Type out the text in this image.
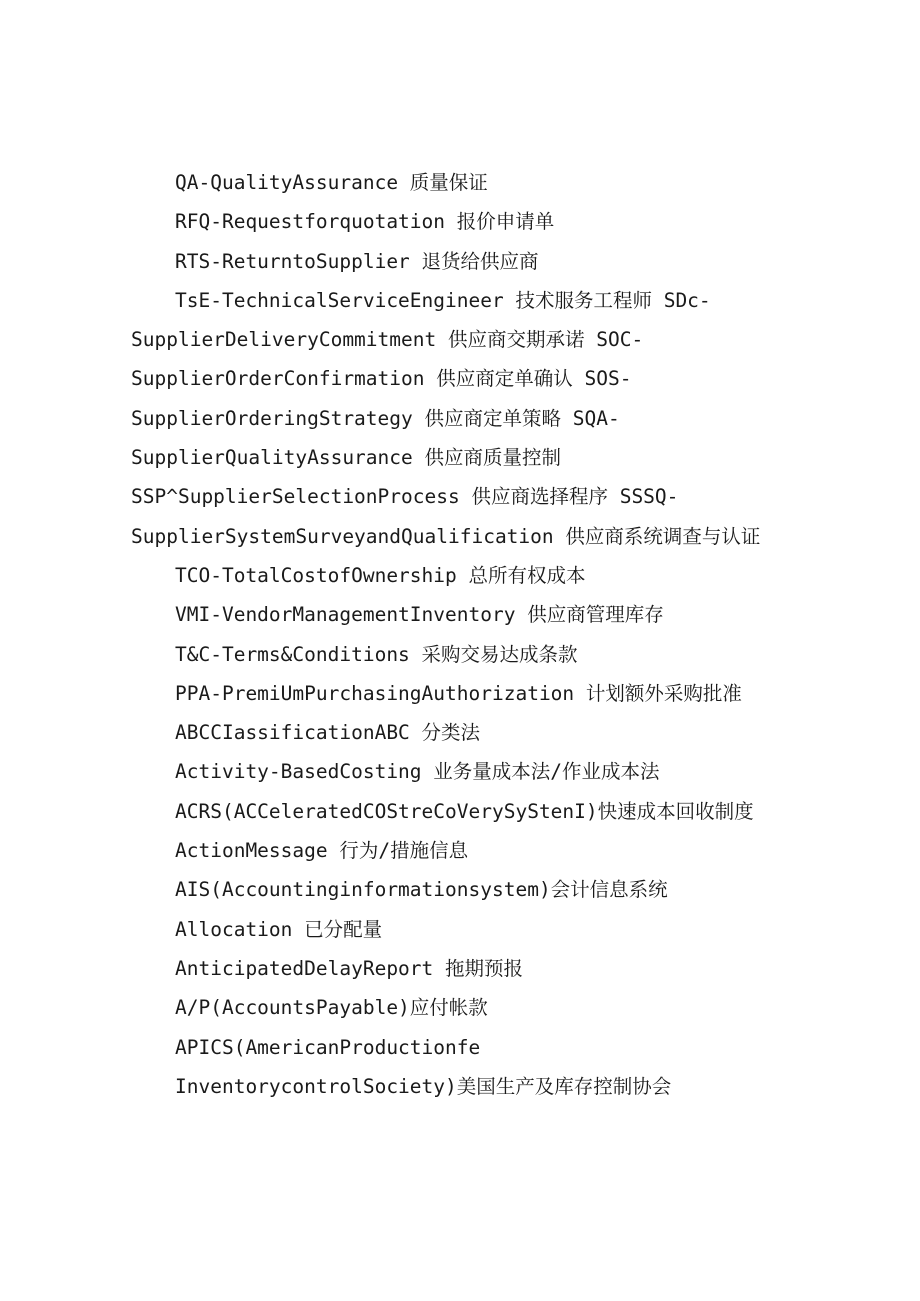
QA-QualityAssurance 质量保证
RFQ-Requestforquotation 报价申请单
RTS-ReturntoSupplier 退货给供应商
TsE-TechnicalServiceEngineer 技术服务工程师 SDc-
SupplierDeliveryCommitment 供应商交期承诺 SOC-
SupplierOrderConfirmation 供应商定单确认 SOS-
SupplierOrderingStrategy 供应商定单策略 SQA-
SupplierQualityAssurance 供应商质量控制
SSP^SupplierSelectionProcess 供应商选择程序 SSSQ-
SupplierSystemSurveyandQualification 供应商系统调查与认证
TCO-TotalCostofOwnership 总所有权成本
VMI-VendorManagementInventory 供应商管理库存
T&C-Terms&Conditions 采购交易达成条款
PPA-PremiUmPurchasingAuthorization 计划额外采购批准
ABCCIassificationABC 分类法
Activity-BasedCosting 业务量成本法/作业成本法
ACRS(ACCeleratedCOStreCoVerySyStenI)快速成本回收制度
ActionMessage 行为/措施信息
AIS(Accountinginformationsystem)会计信息系统
Allocation 已分配量
AnticipatedDelayReport 拖期预报
A/P(AccountsPayable)应付帐款
APICS(AmericanProductionfe
InventorycontrolSociety)美国生产及库存控制协会
